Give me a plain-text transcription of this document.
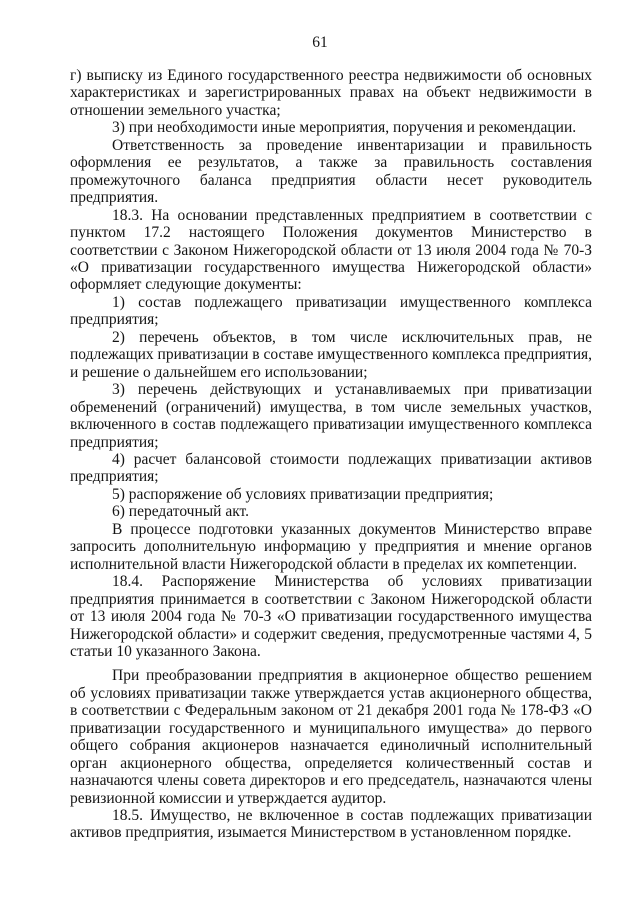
61

г) выписку из Единого государственного реестра недвижимости об основных характеристиках и зарегистрированных правах на объект недвижимости в отношении земельного участка;

3) при необходимости иные мероприятия, поручения и рекомендации.

Ответственность за проведение инвентаризации и правильность оформления ее результатов, а также за правильность составления промежуточного баланса предприятия области несет руководитель предприятия.

18.3. На основании представленных предприятием в соответствии с пунктом 17.2 настоящего Положения документов Министерство в соответствии с Законом Нижегородской области от 13 июля 2004 года № 70-З «О приватизации государственного имущества Нижегородской области» оформляет следующие документы:

1) состав подлежащего приватизации имущественного комплекса предприятия;

2) перечень объектов, в том числе исключительных прав, не подлежащих приватизации в составе имущественного комплекса предприятия, и решение о дальнейшем его использовании;

3) перечень действующих и устанавливаемых при приватизации обременений (ограничений) имущества, в том числе земельных участков, включенного в состав подлежащего приватизации имущественного комплекса предприятия;

4) расчет балансовой стоимости подлежащих приватизации активов предприятия;

5) распоряжение об условиях приватизации предприятия;

6) передаточный акт.

В процессе подготовки указанных документов Министерство вправе запросить дополнительную информацию у предприятия и мнение органов исполнительной власти Нижегородской области в пределах их компетенции.

18.4. Распоряжение Министерства об условиях приватизации предприятия принимается в соответствии с Законом Нижегородской области от 13 июля 2004 года № 70-З «О приватизации государственного имущества Нижегородской области» и содержит сведения, предусмотренные частями 4, 5 статьи 10 указанного Закона.

При преобразовании предприятия в акционерное общество решением об условиях приватизации также утверждается устав акционерного общества, в соответствии с Федеральным законом от 21 декабря 2001 года № 178-ФЗ «О приватизации государственного и муниципального имущества» до первого общего собрания акционеров назначается единоличный исполнительный орган акционерного общества, определяется количественный состав и назначаются члены совета директоров и его председатель, назначаются члены ревизионной комиссии и утверждается аудитор.

18.5. Имущество, не включенное в состав подлежащих приватизации активов предприятия, изымается Министерством в установленном порядке.
